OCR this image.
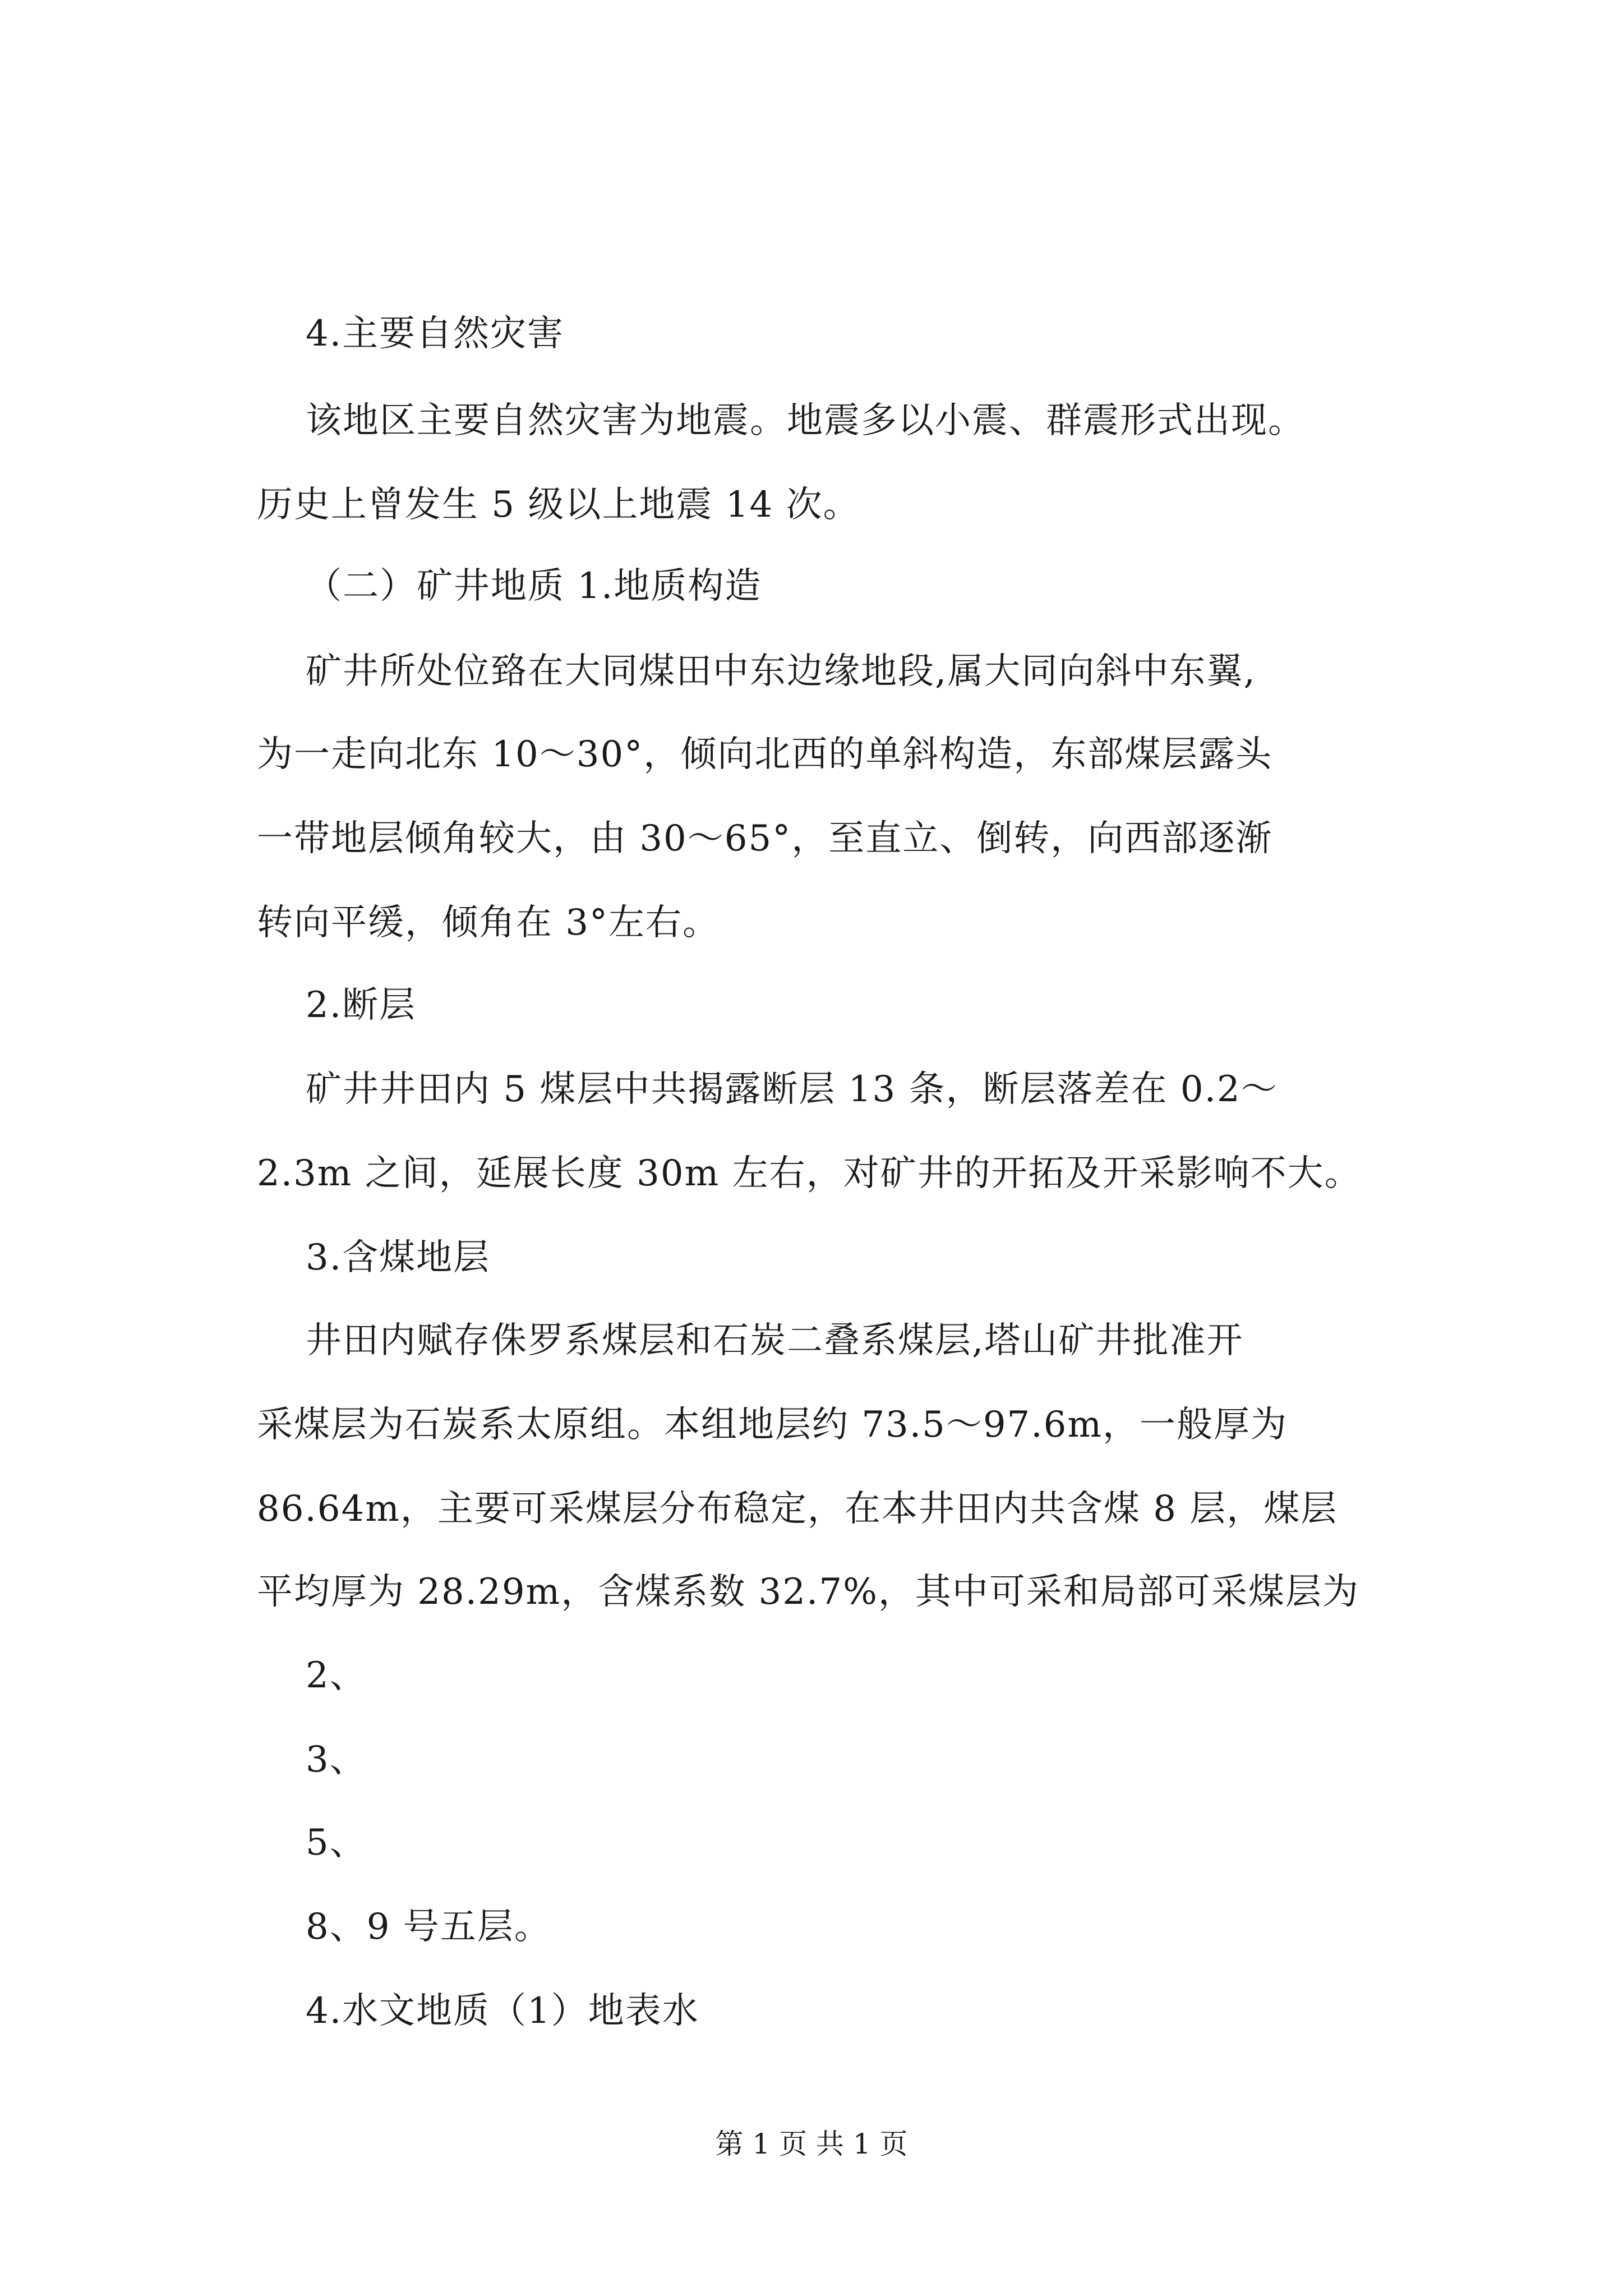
4.主要自然灾害
该地区主要自然灾害为地震。地震多以小震、群震形式出现。
历史上曾发生 5 级以上地震 14 次。
（二）矿井地质 1.地质构造
矿井所处位臵在大同煤田中东边缘地段,属大同向斜中东翼,
为一走向北东 10～30°，倾向北西的单斜构造，东部煤层露头
一带地层倾角较大，由 30～65°，至直立、倒转，向西部逐渐
转向平缓，倾角在 3°左右。
2.断层
矿井井田内 5 煤层中共揭露断层 13 条，断层落差在 0.2～
2.3m 之间，延展长度 30m 左右，对矿井的开拓及开采影响不大。
3.含煤地层
井田内赋存侏罗系煤层和石炭二叠系煤层,塔山矿井批准开
采煤层为石炭系太原组。本组地层约 73.5～97.6m，一般厚为
86.64m，主要可采煤层分布稳定，在本井田内共含煤 8 层，煤层
平均厚为 28.29m，含煤系数 32.7%，其中可采和局部可采煤层为
2、
3、
5、
8、9 号五层。
4.水文地质（1）地表水
第 1 页 共 1 页
